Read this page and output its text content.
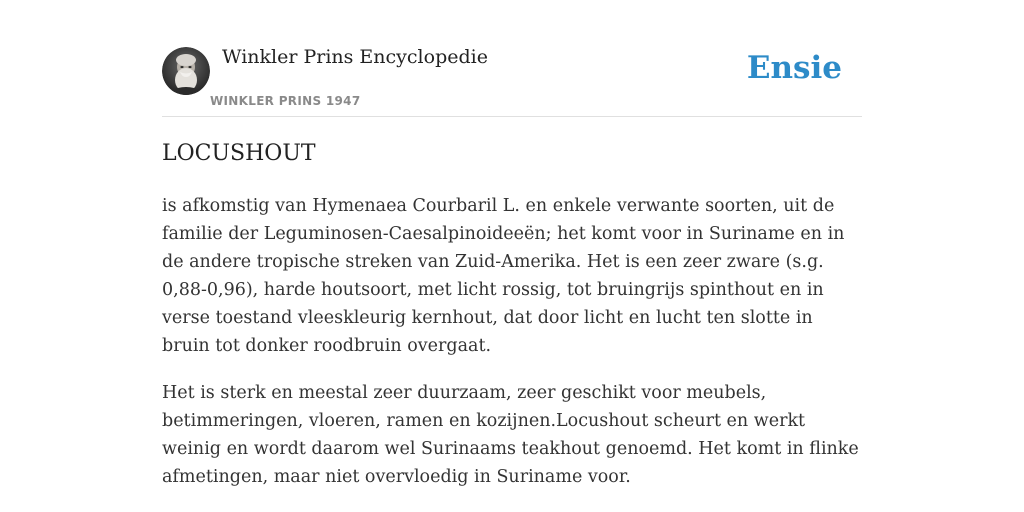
Winkler Prins Encyclopedie
WINKLER PRINS 1947
Ensie
LOCUSHOUT

is afkomstig van Hymenaea Courbaril L. en enkele verwante soorten, uit de familie der Leguminosen-Caesalpinoideeën; het komt voor in Suriname en in de andere tropische streken van Zuid-Amerika. Het is een zeer zware (s.g. 0,88-0,96), harde houtsoort, met licht rossig, tot bruingrijs spinthout en in verse toestand vleeskleurig kernhout, dat door licht en lucht ten slotte in bruin tot donker roodbruin overgaat.

Het is sterk en meestal zeer duurzaam, zeer geschikt voor meubels, betimmeringen, vloeren, ramen en kozijnen.Locushout scheurt en werkt weinig en wordt daarom wel Surinaams teakhout genoemd. Het komt in flinke afmetingen, maar niet overvloedig in Suriname voor.
